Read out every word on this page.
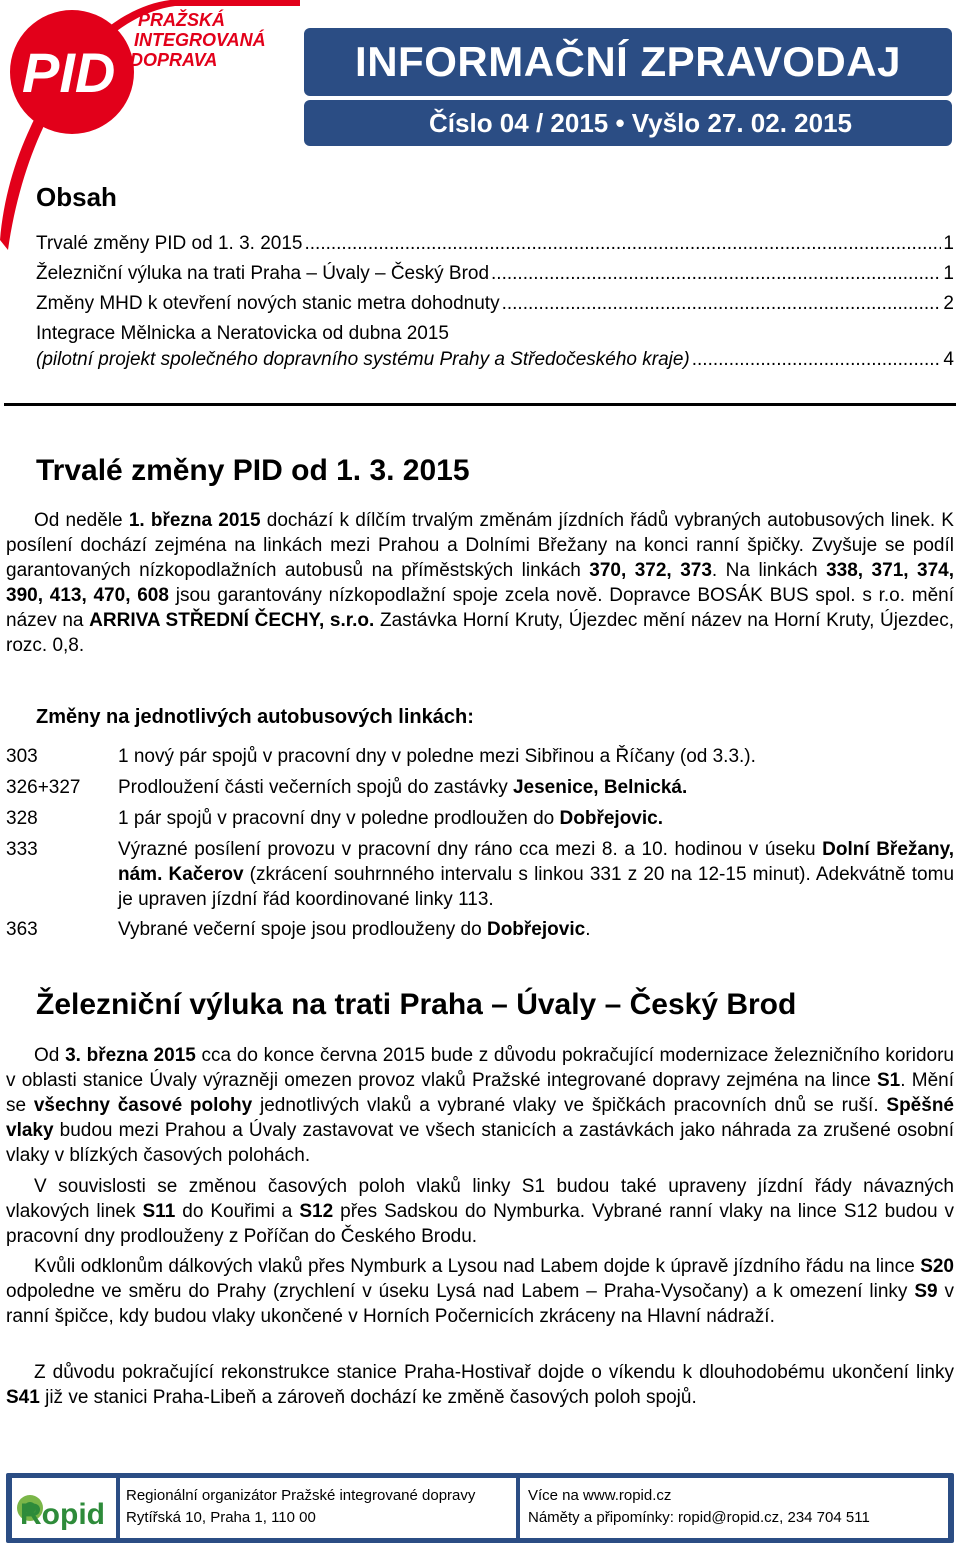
PID
PRAŽSKÁ
INTEGROVANÁ
DOPRAVA	INFORMAČNÍ ZPRAVODAJ
Číslo 04 / 2015 • Vyšlo 27. 02. 2015
Obsah
Trvalé změny PID od 1. 3. 2015 .....	1
Železniční výluka na trati Praha – Úvaly – Český Brod .....	1
Změny MHD k otevření nových stanic metra dohodnuty .....	2
Integrace Mělnicka a Neratovicka od dubna 2015
(pilotní projekt společného dopravního systému Prahy a Středočeského kraje) .....	4
Trvalé změny PID od 1. 3. 2015

Od neděle 1. března 2015 dochází k dílčím trvalým změnám jízdních řádů vybraných autobusových linek. K posílení dochází zejména na linkách mezi Prahou a Dolními Břežany na konci ranní špičky. Zvyšuje se podíl garantovaných nízkopodlažních autobusů na příměstských linkách 370, 372, 373. Na linkách 338, 371, 374, 390, 413, 470, 608 jsou garantovány nízkopodlažní spoje zcela nově. Dopravce BOSÁK BUS spol. s r.o. mění název na ARRIVA STŘEDNÍ ČECHY, s.r.o. Zastávka Horní Kruty, Újezdec mění název na Horní Kruty, Újezdec, rozc. 0,8.

Změny na jednotlivých autobusových linkách:
303	1 nový pár spojů v pracovní dny v poledne mezi Sibřinou a Říčany (od 3.3.).
326+327	Prodloužení části večerních spojů do zastávky Jesenice, Belnická.
328	1 pár spojů v pracovní dny v poledne prodloužen do Dobřejovic.
333	Výrazné posílení provozu v pracovní dny ráno cca mezi 8. a 10. hodinou v úseku Dolní Břežany, nám. Kačerov (zkrácení souhrnného intervalu s linkou 331 z 20 na 12-15 minut). Adekvátně tomu je upraven jízdní řád koordinované linky 113.
363	Vybrané večerní spoje jsou prodlouženy do Dobřejovic.
Železniční výluka na trati Praha – Úvaly – Český Brod

Od 3. března 2015 cca do konce června 2015 bude z důvodu pokračující modernizace železničního koridoru v oblasti stanice Úvaly výrazněji omezen provoz vlaků Pražské integrované dopravy zejména na lince S1. Mění se všechny časové polohy jednotlivých vlaků a vybrané vlaky ve špičkách pracovních dnů se ruší. Spěšné vlaky budou mezi Prahou a Úvaly zastavovat ve všech stanicích a zastávkách jako náhrada za zrušené osobní vlaky v blízkých časových polohách.

V souvislosti se změnou časových poloh vlaků linky S1 budou také upraveny jízdní řády návazných vlakových linek S11 do Kouřimi a S12 přes Sadskou do Nymburka. Vybrané ranní vlaky na lince S12 budou v pracovní dny prodlouženy z Poříčan do Českého Brodu.

Kvůli odklonům dálkových vlaků přes Nymburk a Lysou nad Labem dojde k úpravě jízdního řádu na lince S20 odpoledne ve směru do Prahy (zrychlení v úseku Lysá nad Labem – Praha-Vysočany) a k omezení linky S9 v ranní špičce, kdy budou vlaky ukončené v Horních Počernicích zkráceny na Hlavní nádraží.

Z důvodu pokračující rekonstrukce stanice Praha-Hostivař dojde o víkendu k dlouhodobému ukončení linky S41 již ve stanici Praha-Libeň a zároveň dochází ke změně časových poloh spojů.

Ropid
Regionální organizátor Pražské integrované dopravy
Rytířská 10, Praha 1, 110 00
Více na www.ropid.cz
Náměty a připomínky: ropid@ropid.cz, 234 704 511
